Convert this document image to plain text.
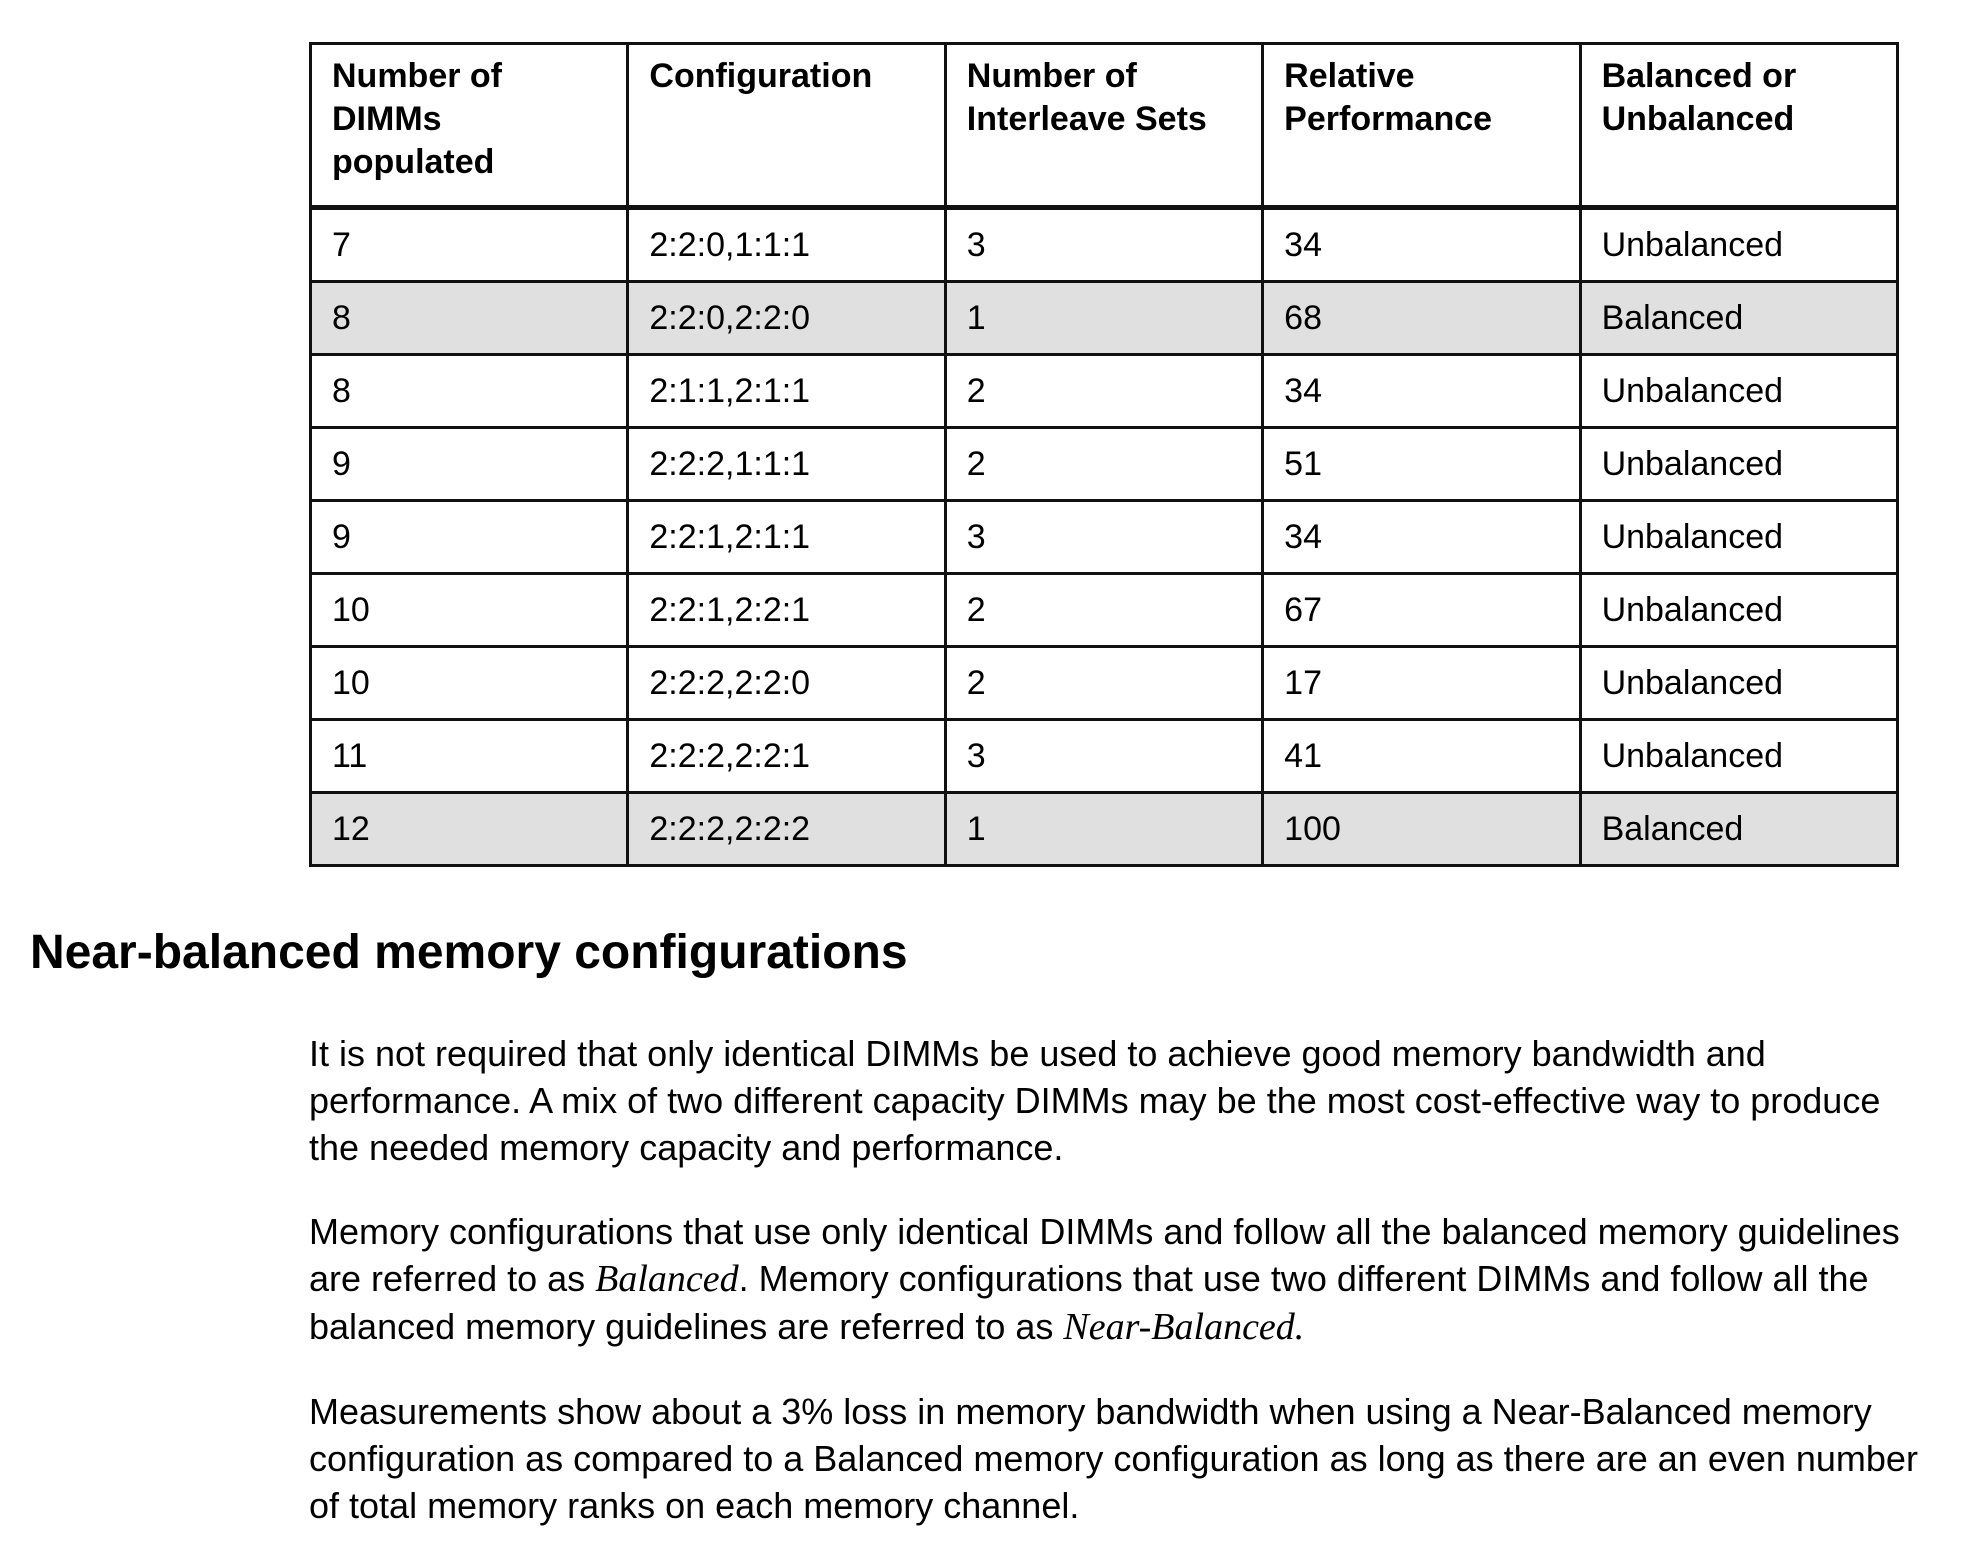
Number of DIMMs populated	Configuration	Number of Interleave Sets	Relative Performance	Balanced or Unbalanced
7	2:2:0,1:1:1	3	34	Unbalanced
8	2:2:0,2:2:0	1	68	Balanced
8	2:1:1,2:1:1	2	34	Unbalanced
9	2:2:2,1:1:1	2	51	Unbalanced
9	2:2:1,2:1:1	3	34	Unbalanced
10	2:2:1,2:2:1	2	67	Unbalanced
10	2:2:2,2:2:0	2	17	Unbalanced
11	2:2:2,2:2:1	3	41	Unbalanced
12	2:2:2,2:2:2	1	100	Balanced
Near-balanced memory configurations

It is not required that only identical DIMMs be used to achieve good memory bandwidth and performance. A mix of two different capacity DIMMs may be the most cost-effective way to produce the needed memory capacity and performance.

Memory configurations that use only identical DIMMs and follow all the balanced memory guidelines are referred to as Balanced. Memory configurations that use two different DIMMs and follow all the balanced memory guidelines are referred to as Near-Balanced.

Measurements show about a 3% loss in memory bandwidth when using a Near-Balanced memory configuration as compared to a Balanced memory configuration as long as there are an even number of total memory ranks on each memory channel.
